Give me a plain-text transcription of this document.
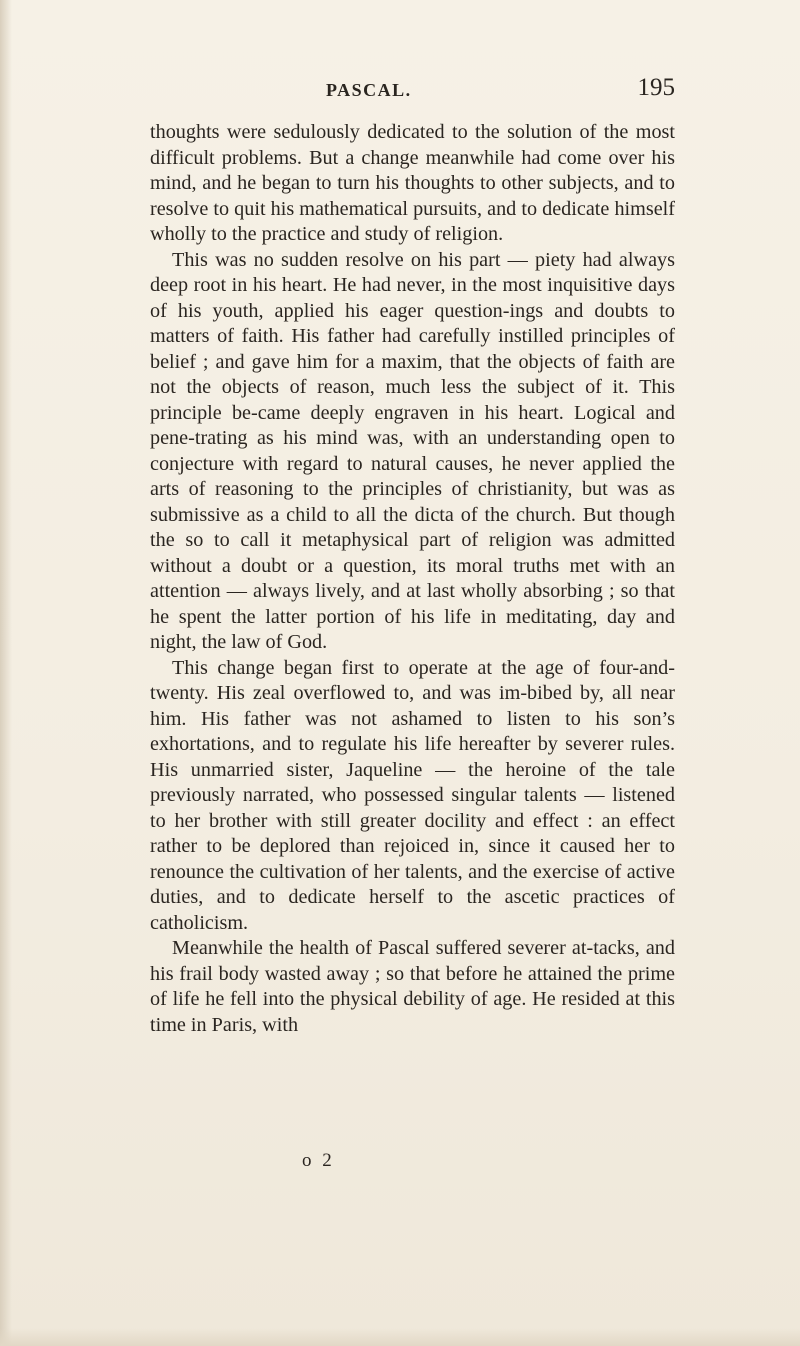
PASCAL.	195

thoughts were sedulously dedicated to the solution of the most difficult problems. But a change meanwhile had come over his mind, and he began to turn his thoughts to other subjects, and to resolve to quit his mathematical pursuits, and to dedicate himself wholly to the practice and study of religion.

This was no sudden resolve on his part — piety had always deep root in his heart. He had never, in the most inquisitive days of his youth, applied his eager question-ings and doubts to matters of faith. His father had carefully instilled principles of belief ; and gave him for a maxim, that the objects of faith are not the objects of reason, much less the subject of it. This principle be-came deeply engraven in his heart. Logical and pene-trating as his mind was, with an understanding open to conjecture with regard to natural causes, he never applied the arts of reasoning to the principles of christianity, but was as submissive as a child to all the dicta of the church. But though the so to call it metaphysical part of religion was admitted without a doubt or a question, its moral truths met with an attention — always lively, and at last wholly absorbing ; so that he spent the latter portion of his life in meditating, day and night, the law of God.

This change began first to operate at the age of four-and-twenty. His zeal overflowed to, and was im-bibed by, all near him. His father was not ashamed to listen to his son’s exhortations, and to regulate his life hereafter by severer rules. His unmarried sister, Jaqueline — the heroine of the tale previously narrated, who possessed singular talents — listened to her brother with still greater docility and effect : an effect rather to be deplored than rejoiced in, since it caused her to renounce the cultivation of her talents, and the exercise of active duties, and to dedicate herself to the ascetic practices of catholicism.

Meanwhile the health of Pascal suffered severer at-tacks, and his frail body wasted away ; so that before he attained the prime of life he fell into the physical debility of age. He resided at this time in Paris, with

o 2
